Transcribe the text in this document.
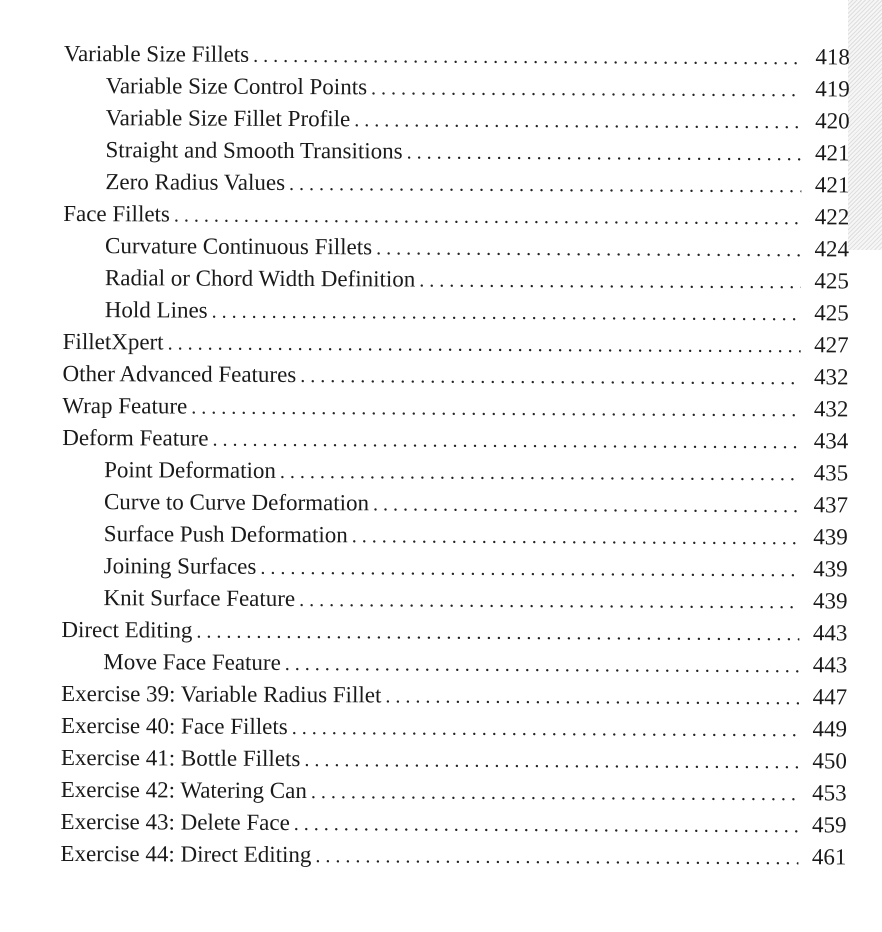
Variable Size Fillets . . .	418
Variable Size Control Points . . .	419
Variable Size Fillet Profile . . .	420
Straight and Smooth Transitions . . .	421
Zero Radius Values . . .	421
Face Fillets . . .	422
Curvature Continuous Fillets . . .	424
Radial or Chord Width Definition . . .	425
Hold Lines . . .	425
FilletXpert . . .	427
Other Advanced Features . . .	432
Wrap Feature . . .	432
Deform Feature . . .	434
Point Deformation . . .	435
Curve to Curve Deformation . . .	437
Surface Push Deformation . . .	439
Joining Surfaces . . .	439
Knit Surface Feature . . .	439
Direct Editing . . .	443
Move Face Feature . . .	443
Exercise 39: Variable Radius Fillet . . .	447
Exercise 40: Face Fillets . . .	449
Exercise 41: Bottle Fillets . . .	450
Exercise 42: Watering Can . . .	453
Exercise 43: Delete Face . . .	459
Exercise 44: Direct Editing . . .	461
